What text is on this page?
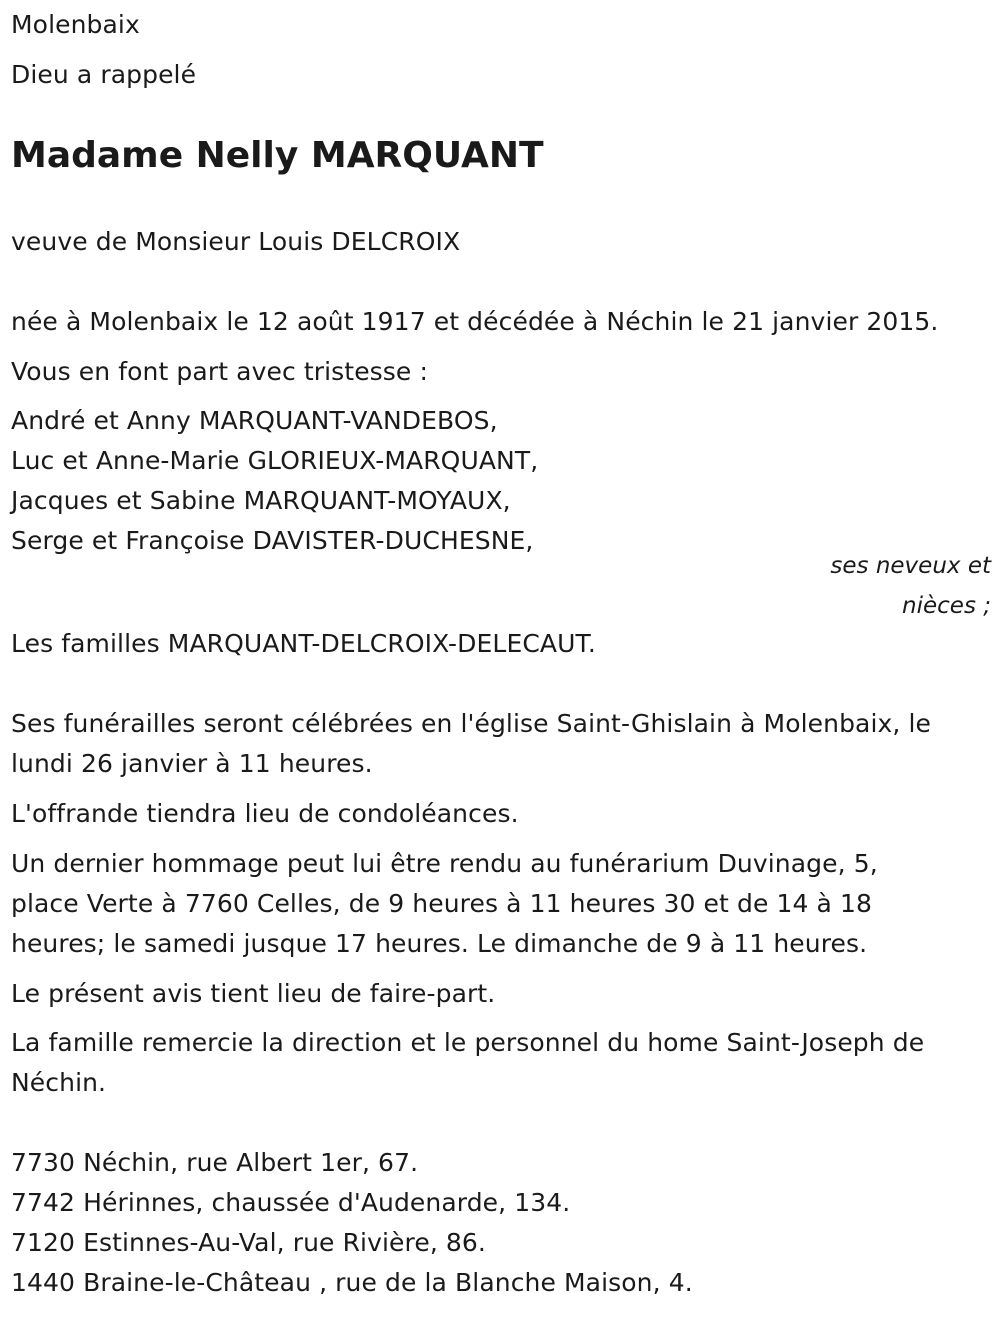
Molenbaix
Dieu a rappelé
Madame Nelly MARQUANT
veuve de Monsieur Louis DELCROIX
née à Molenbaix le 12 août 1917 et décédée à Néchin le 21 janvier 2015.
Vous en font part avec tristesse :
André et Anny MARQUANT-VANDEBOS,
Luc et Anne-Marie GLORIEUX-MARQUANT,
Jacques et Sabine MARQUANT-MOYAUX,
Serge et Françoise DAVISTER-DUCHESNE,
ses neveux et
nièces ;
Les familles MARQUANT-DELCROIX-DELECAUT.
Ses funérailles seront célébrées en l'église Saint-Ghislain à Molenbaix, le
lundi 26 janvier à 11 heures.
L'offrande tiendra lieu de condoléances.
Un dernier hommage peut lui être rendu au funérarium Duvinage, 5,
place Verte à 7760 Celles, de 9 heures à 11 heures 30 et de 14 à 18
heures; le samedi jusque 17 heures. Le dimanche de 9 à 11 heures.
Le présent avis tient lieu de faire-part.
La famille remercie la direction et le personnel du home Saint-Joseph de
Néchin.
7730 Néchin, rue Albert 1er, 67.
7742 Hérinnes, chaussée d'Audenarde, 134.
7120 Estinnes-Au-Val, rue Rivière, 86.
1440 Braine-le-Château , rue de la Blanche Maison, 4.
